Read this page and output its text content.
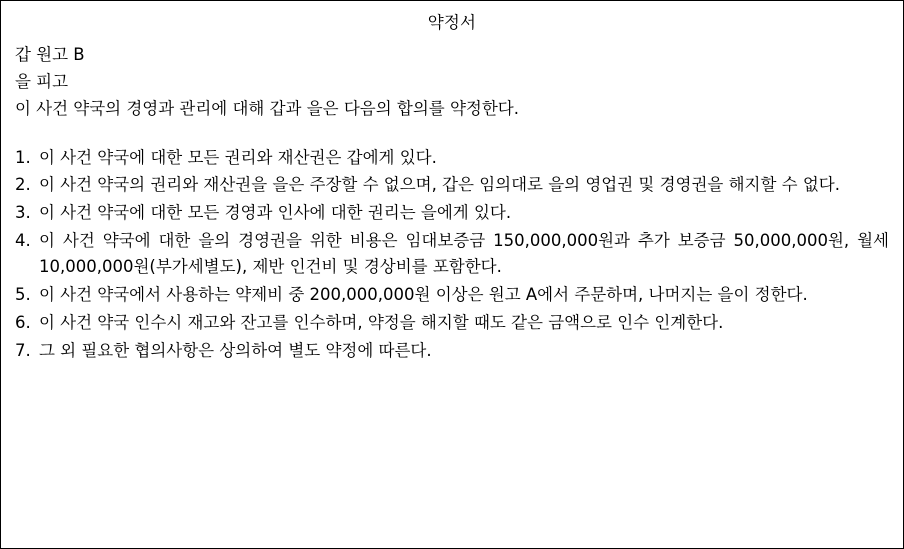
약정서

갑 원고 B

을 피고

이 사건 약국의 경영과 관리에 대해 갑과 을은 다음의 합의를 약정한다.

1. 이 사건 약국에 대한 모든 권리와 재산권은 갑에게 있다.
2. 이 사건 약국의 권리와 재산권을 을은 주장할 수 없으며, 갑은 임의대로 을의 영업권 및 경영권을 해지할 수 없다.
3. 이 사건 약국에 대한 모든 경영과 인사에 대한 권리는 을에게 있다.
4. 이 사건 약국에 대한 을의 경영권을 위한 비용은 임대보증금 150,000,000원과 추가 보증금 50,000,000원, 월세 10,000,000원(부가세별도), 제반 인건비 및 경상비를 포함한다.
5. 이 사건 약국에서 사용하는 약제비 중 200,000,000원 이상은 원고 A에서 주문하며, 나머지는 을이 정한다.
6. 이 사건 약국 인수시 재고와 잔고를 인수하며, 약정을 해지할 때도 같은 금액으로 인수 인계한다.
7. 그 외 필요한 협의사항은 상의하여 별도 약정에 따른다.
